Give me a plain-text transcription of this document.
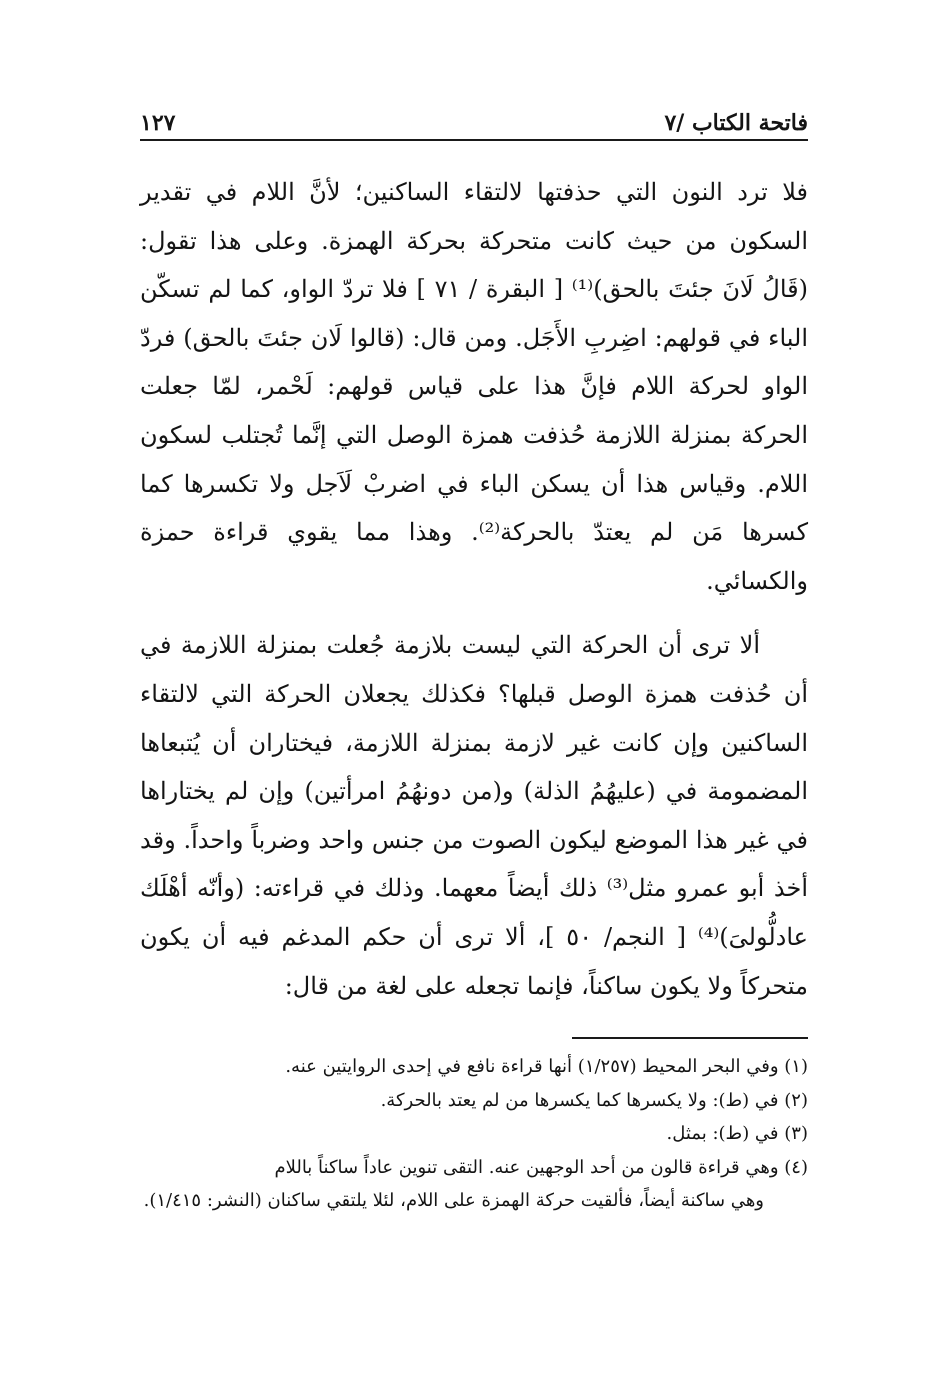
فاتحة الكتاب /٧
١٢٧

فلا ترد النون التي حذفتها لالتقاء الساكنين؛ لأنَّ اللام في تقدير السكون من حيث كانت متحركة بحركة الهمزة. وعلى هذا تقول: (قَالُ لَانَ جئتَ بالحق)⁽¹⁾ [ البقرة / ٧١ ] فلا تردّ الواو، كما لم تسكّن الباء في قولهم: اضِربِ الأَجَل. ومن قال: (قالوا لَان جئتَ بالحق) فردّ الواو لحركة اللام فإنَّ هذا على قياس قولهم: لَحْمر، لمّا جعلت الحركة بمنزلة اللازمة حُذفت همزة الوصل التي إنَّما تُجتلب لسكون اللام. وقياس هذا أن يسكن الباء في اضربْ لَاَجل ولا تكسرها كما كسرها مَن لم يعتدّ بالحركة⁽²⁾. وهذا مما يقوي قراءة حمزة والكسائي.

ألا ترى أن الحركة التي ليست بلازمة جُعلت بمنزلة اللازمة في أن حُذفت همزة الوصل قبلها؟ فكذلك يجعلان الحركة التي لالتقاء الساكنين وإن كانت غير لازمة بمنزلة اللازمة، فيختاران أن يُتبعاها المضمومة في (عليهُمُ الذلة) و(من دونهُمُ امرأتين) وإن لم يختاراها في غير هذا الموضع ليكون الصوت من جنس واحد وضرباً واحداً. وقد أخذ أبو عمرو مثل⁽³⁾ ذلك أيضاً معهما. وذلك في قراءته: (وأنّه أهْلَك عادلُّولىَ)⁽⁴⁾ [ النجم/ ٥٠ ]، ألا ترى أن حكم المدغم فيه أن يكون متحركاً ولا يكون ساكناً، فإنما تجعله على لغة من قال:

(١) وفي البحر المحيط (١/٢٥٧) أنها قراءة نافع في إحدى الروايتين عنه.

(٢) في (ط): ولا يكسرها كما يكسرها من لم يعتد بالحركة.

(٣) في (ط): بمثل.

(٤) وهي قراءة قالون من أحد الوجهين عنه. التقى تنوين عاداً ساكناً باللام

وهي ساكنة أيضاً، فألقيت حركة الهمزة على اللام، لئلا يلتقي ساكنان (النشر: ١/٤١٥).
